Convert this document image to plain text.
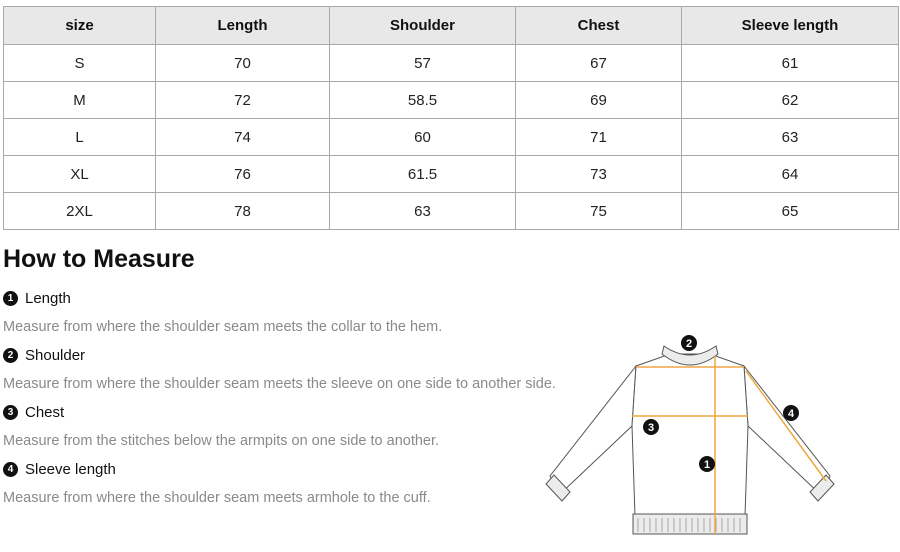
size	Length	Shoulder	Chest	Sleeve length
S	70	57	67	61
M	72	58.5	69	62
L	74	60	71	63
XL	76	61.5	73	64
2XL	78	63	75	65
How to Measure
1 Length
Measure from where the shoulder seam meets the collar to the hem.
2 Shoulder
Measure from where the shoulder seam meets the sleeve on one side to another side.
3 Chest
Measure from the stitches below the armpits on one side to another.
4 Sleeve length
Measure from where the shoulder seam meets armhole to the cuff.
2
4
3
1
